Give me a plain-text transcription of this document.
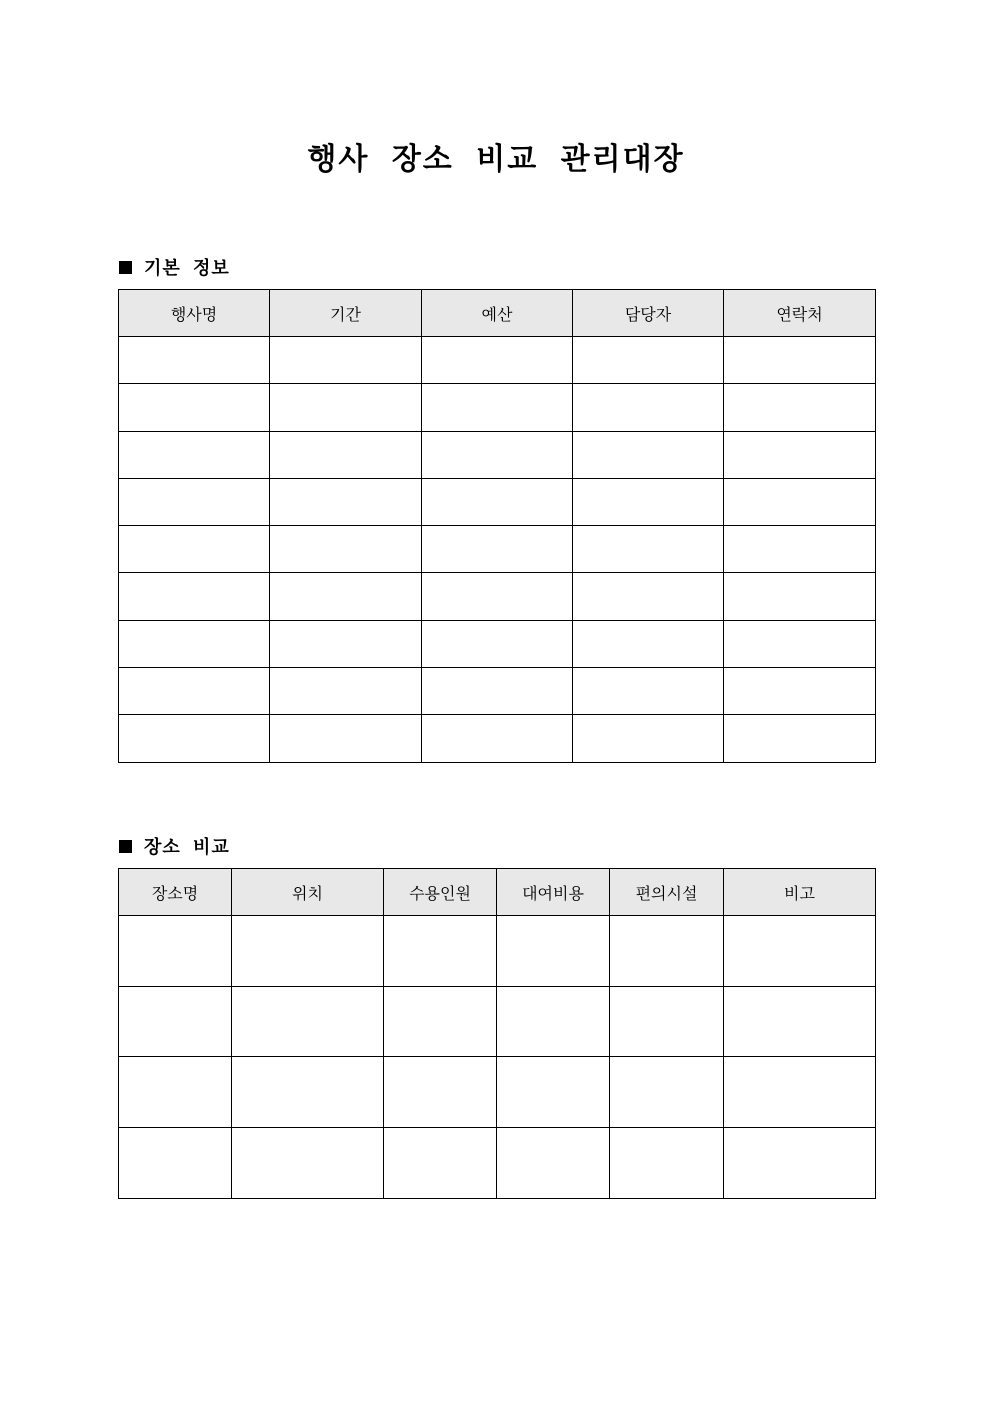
행사 장소 비교 관리대장
기본 정보
행사명	기간	예산	담당자	연락처

장소 비교
장소명	위치	수용인원	대여비용	편의시설	비고
